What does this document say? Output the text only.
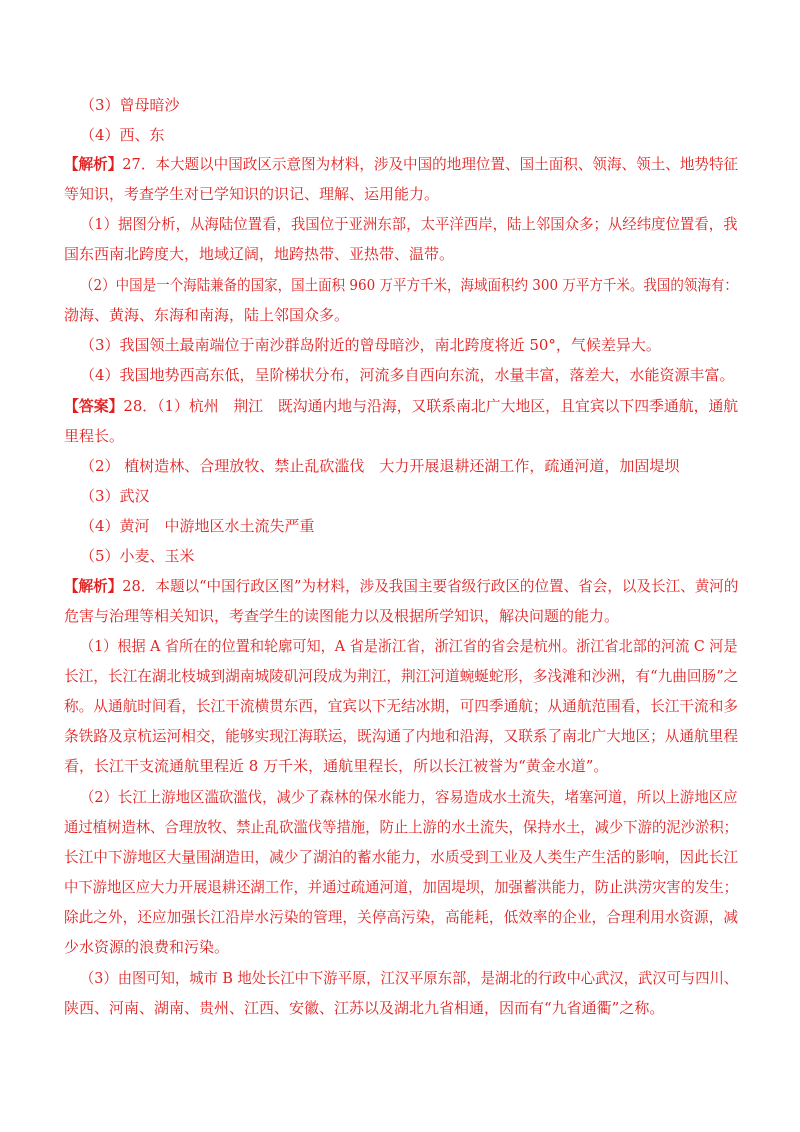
（3）曾母暗沙
（4）西、东
【解析】27．本大题以中国政区示意图为材料，涉及中国的地理位置、国土面积、领海、领土、地势特征
等知识，考查学生对已学知识的识记、理解、运用能力。
（1）据图分析，从海陆位置看，我国位于亚洲东部，太平洋西岸，陆上邻国众多；从经纬度位置看，我
国东西南北跨度大，地域辽阔，地跨热带、亚热带、温带。
（2）中国是一个海陆兼备的国家，国土面积 960 万平方千米，海域面积约 300 万平方千米。我国的领海有：
渤海、黄海、东海和南海，陆上邻国众多。
（3）我国领土最南端位于南沙群岛附近的曾母暗沙，南北跨度将近 50°，气候差异大。
（4）我国地势西高东低，呈阶梯状分布，河流多自西向东流，水量丰富，落差大，水能资源丰富。
【答案】28．（1）杭州　荆江　既沟通内地与沿海，又联系南北广大地区，且宜宾以下四季通航，通航
里程长。
（2） 植树造林、合理放牧、禁止乱砍滥伐　大力开展退耕还湖工作，疏通河道，加固堤坝
（3）武汉
（4）黄河　中游地区水土流失严重
（5）小麦、玉米
【解析】28．本题以“中国行政区图”为材料，涉及我国主要省级行政区的位置、省会，以及长江、黄河的
危害与治理等相关知识，考查学生的读图能力以及根据所学知识，解决问题的能力。
（1）根据 A 省所在的位置和轮廓可知，A 省是浙江省，浙江省的省会是杭州。浙江省北部的河流 C 河是
长江，长江在湖北枝城到湖南城陵矶河段成为荆江，荆江河道蜿蜒蛇形，多浅滩和沙洲，有“九曲回肠”之
称。从通航时间看，长江干流横贯东西，宜宾以下无结冰期，可四季通航；从通航范围看，长江干流和多
条铁路及京杭运河相交，能够实现江海联运，既沟通了内地和沿海，又联系了南北广大地区；从通航里程
看，长江干支流通航里程近 8 万千米，通航里程长，所以长江被誉为“黄金水道”。
（2）长江上游地区滥砍滥伐，减少了森林的保水能力，容易造成水土流失，堵塞河道，所以上游地区应
通过植树造林、合理放牧、禁止乱砍滥伐等措施，防止上游的水土流失，保持水土，减少下游的泥沙淤积；
长江中下游地区大量围湖造田，减少了湖泊的蓄水能力，水质受到工业及人类生产生活的影响，因此长江
中下游地区应大力开展退耕还湖工作，并通过疏通河道，加固堤坝，加强蓄洪能力，防止洪涝灾害的发生；
除此之外，还应加强长江沿岸水污染的管理，关停高污染，高能耗，低效率的企业，合理利用水资源，减
少水资源的浪费和污染。
（3）由图可知，城市 B 地处长江中下游平原，江汉平原东部，是湖北的行政中心武汉，武汉可与四川、
陕西、河南、湖南、贵州、江西、安徽、江苏以及湖北九省相通，因而有“九省通衢”之称。
